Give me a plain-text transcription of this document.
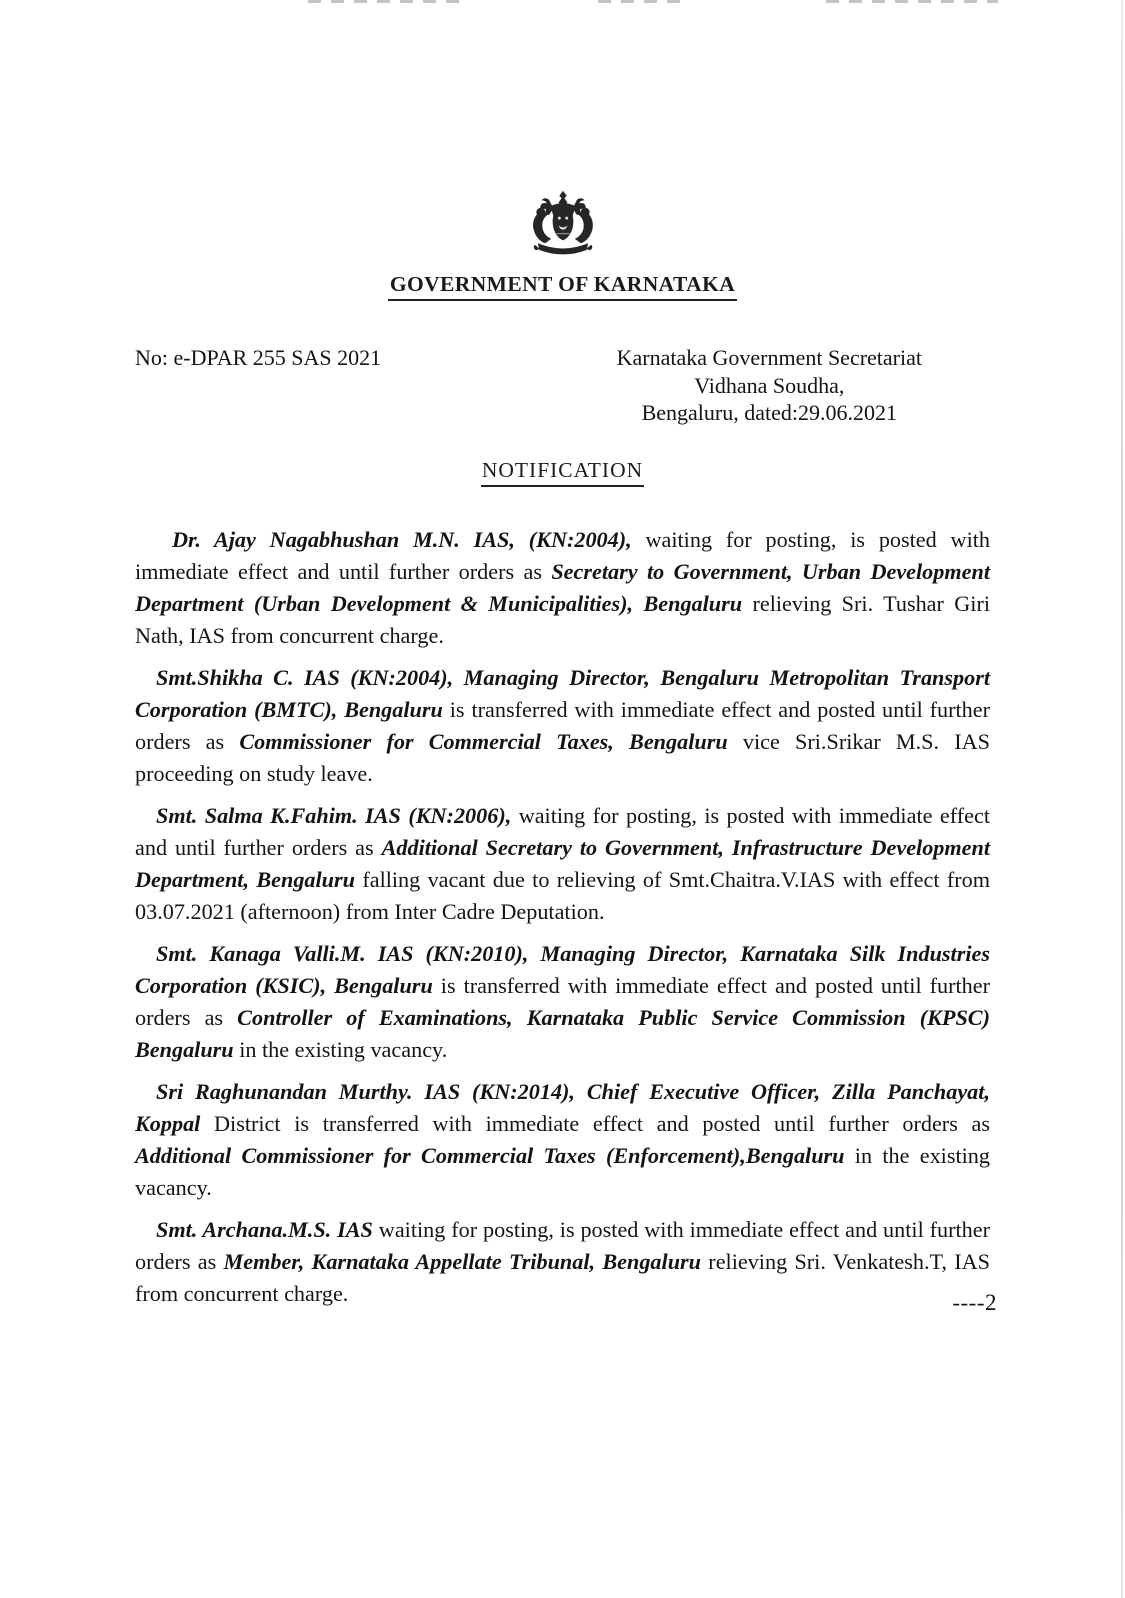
GOVERNMENT OF KARNATAKA
No: e-DPAR 255 SAS 2021	Karnataka Government Secretariat
Vidhana Soudha,
Bengaluru, dated:29.06.2021
NOTIFICATION

Dr. Ajay Nagabhushan M.N. IAS, (KN:2004), waiting for posting, is posted with immediate effect and until further orders as Secretary to Government, Urban Development Department (Urban Development & Municipalities), Bengaluru relieving Sri. Tushar Giri Nath, IAS from concurrent charge.

Smt.Shikha C. IAS (KN:2004), Managing Director, Bengaluru Metropolitan Transport Corporation (BMTC), Bengaluru is transferred with immediate effect and posted until further orders as Commissioner for Commercial Taxes, Bengaluru vice Sri.Srikar M.S. IAS proceeding on study leave.

Smt. Salma K.Fahim. IAS (KN:2006), waiting for posting, is posted with immediate effect and until further orders as Additional Secretary to Government, Infrastructure Development Department, Bengaluru falling vacant due to relieving of Smt.Chaitra.V.IAS with effect from 03.07.2021 (afternoon) from Inter Cadre Deputation.

Smt. Kanaga Valli.M. IAS (KN:2010), Managing Director, Karnataka Silk Industries Corporation (KSIC), Bengaluru is transferred with immediate effect and posted until further orders as Controller of Examinations, Karnataka Public Service Commission (KPSC) Bengaluru in the existing vacancy.

Sri Raghunandan Murthy. IAS (KN:2014), Chief Executive Officer, Zilla Panchayat, Koppal District is transferred with immediate effect and posted until further orders as Additional Commissioner for Commercial Taxes (Enforcement),Bengaluru in the existing vacancy.

Smt. Archana.M.S. IAS waiting for posting, is posted with immediate effect and until further orders as Member, Karnataka Appellate Tribunal, Bengaluru relieving Sri. Venkatesh.T, IAS from concurrent charge.	----2
